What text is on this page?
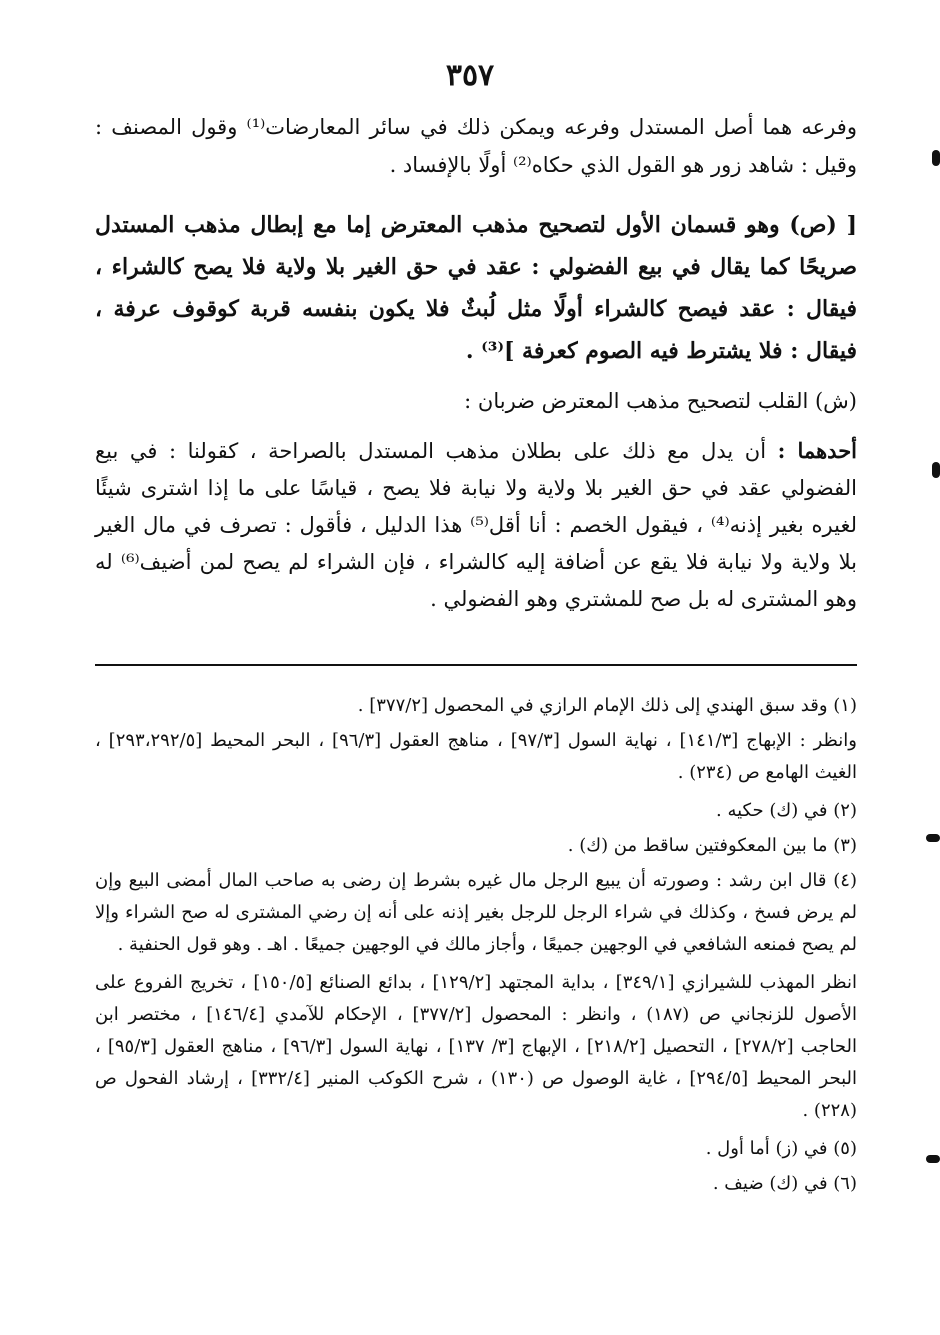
٣٥٧

وفرعه هما أصل المستدل وفرعه ويمكن ذلك في سائر المعارضات⁽¹⁾ وقول المصنف : وقيل : شاهد زور هو القول الذي حكاه⁽²⁾ أولًا بالإفساد .

[ (ص) وهو قسمان الأول لتصحيح مذهب المعترض إما مع إبطال مذهب المستدل صريحًا كما يقال في بيع الفضولي : عقد في حق الغير بلا ولاية فلا يصح كالشراء ، فيقال : عقد فيصح كالشراء أولًا مثل لُبثٌ فلا يكون بنفسه قربة كوقوف عرفة ، فيقال : فلا يشترط فيه الصوم كعرفة ]⁽³⁾ .

(ش) القلب لتصحيح مذهب المعترض ضربان :

أحدهما : أن يدل مع ذلك على بطلان مذهب المستدل بالصراحة ، كقولنا : في بيع الفضولي عقد في حق الغير بلا ولاية ولا نيابة فلا يصح ، قياسًا على ما إذا اشترى شيئًا لغيره بغير إذنه⁽⁴⁾ ، فيقول الخصم : أنا أقل⁽⁵⁾ هذا الدليل ، فأقول : تصرف في مال الغير بلا ولاية ولا نيابة فلا يقع عن أضافة إليه كالشراء ، فإن الشراء لم يصح لمن أضيف⁽⁶⁾ له وهو المشترى له بل صح للمشتري وهو الفضولي .

(١) وقد سبق الهندي إلى ذلك الإمام الرازي في المحصول [٣٧٧/٢] .

وانظر : الإبهاج [١٤١/٣] ، نهاية السول [٩٧/٣] ، مناهج العقول [٩٦/٣] ، البحر المحيط [٢٩٣،٢٩٢/٥] ، الغيث الهامع ص (٢٣٤) .

(٢) في (ك) حكيه .

(٣) ما بين المعكوفتين ساقط من (ك) .

(٤) قال ابن رشد : وصورته أن يبيع الرجل مال غيره بشرط إن رضى به صاحب المال أمضى البيع وإن لم يرض فسخ ، وكذلك في شراء الرجل للرجل بغير إذنه على أنه إن رضي المشترى له صح الشراء وإلا لم يصح فمنعه الشافعي في الوجهين جميعًا ، وأجاز مالك في الوجهين جميعًا . اهـ . وهو قول الحنفية .

انظر المهذب للشيرازي [٣٤٩/١] ، بداية المجتهد [١٢٩/٢] ، بدائع الصنائع [١٥٠/٥] ، تخريج الفروع على الأصول للزنجاني ص (١٨٧) ، وانظر : المحصول [٣٧٧/٢] ، الإحكام للآمدي [١٤٦/٤] ، مختصر ابن الحاجب [٢٧٨/٢] ، التحصيل [٢١٨/٢] ، الإبهاج [٣/ ١٣٧] ، نهاية السول [٩٦/٣] ، مناهج العقول [٩٥/٣] ، البحر المحيط [٢٩٤/٥] ، غاية الوصول ص (١٣٠) ، شرح الكوكب المنير [٣٣٢/٤] ، إرشاد الفحول ص (٢٢٨) .

(٥) في (ز) أما أول .

(٦) في (ك) ضيف .
